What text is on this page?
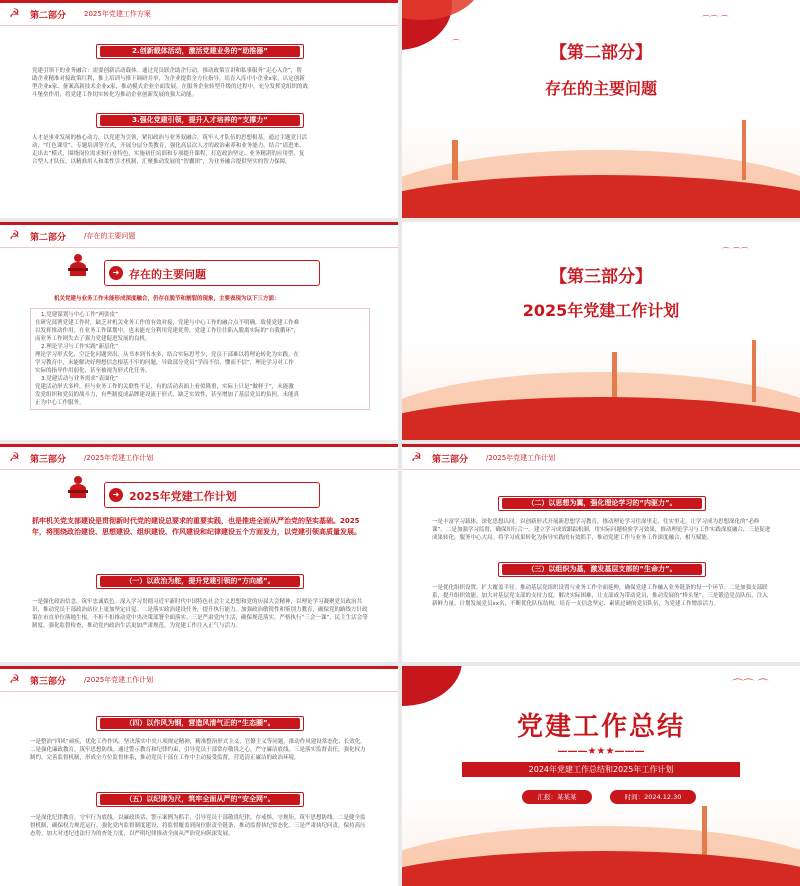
☭ 第二部分	2025年党建工作方案
2.创新载体活动，激活党建业务的“助推器”
党建引领下的业务融合：需要创新活动载体。通过党员联企助企行动，推动政策宣讲和私事服务“走心入企”，帮
助企业精准对接政策红利，推上培训与推下调研并举，为企业提供全方位指导，培育入库中小企业x家，认定创新
型企业x家、备案高新技术企业x家，推动模式企业全面发展。在服务企业转型升级的过程中，充分发挥党组织的战
斗堡垒作用，将党建工作切实转化为推动企业创新发展的强大动能。
3.强化党建引领，提升人才培养的“支撑力”
人才是事业发展的核心动力，以党建为引领，紧扣政治与业务双融合，筑牢人才队伍的思想根基。通过主题党日活
动、“红色课堂”、专题培训等方式，开展分层分类教育，强化高层次人才的政治素养和业务能力。结合“请进来、
走出去”模式，围绕岗位需求和行业特色，实施初任培训和专项提升课程，打造政治坚定、业务精湛的应用型、复
合型人才队伍。以精准用人和柔性引才机制，汇聚推动发展的“智囊团”，为业务融合提供坚实的智力保障。
⌒⌒ ⌒
⌒	【第二部分】
存在的主要问题
☭ 第二部分	/存在的主要问题
➜ 存在的主要问题
机关党建与业务工作未能形成深度融合，仍存在脱节和割裂的现象，主要表现为以下三方面：
1.党建谋划与中心工作“两张皮”
在研究部署党建工作时，缺乏对机关业务工作的有效对接，党建与中心工作的融合点不明确，致使党建工作难
以发挥推动作用。在业务工作谋划中，也未能充分利用党建优势，党建工作往往陷入脱离实际的“自我循环”，
而业务工作则失去了强力党建促进发展的良机。
2.理论学习与工作实践“新层化”
理论学习形式化、空泛化问题突出，从书本到书本多，结合实际思考少，党员干部难以将理论转化为实践。在
学习教育中，未能解决好理想信念根基不牢的问题，导致部分党员“学而不信，懂而不信”，理论学习对工作
实际的指导作用弱化，甚至被视为形式化任务。
3.党建活动与业务需求“表面化”
党建活动形式多样，但与业务工作的关联性不足，有的活动表面上看似隆重，实际上只是“做样子”，未能激
发党组织和党员的战斗力，有些制度成品牌建设流于形式，缺乏实效性，甚至增加了基层党员的负担，未能真
正为中心工作服务。
⌒ ⌒⌒
【第三部分】
2025年党建工作计划
☭ 第三部分	/2025年党建工作计划
➜ 2025年党建工作计划
抓牢机关党支部建设是贯彻新时代党的建设总要求的重要实践，也是推进全面从严治党的坚实基础。2025年，将围绕政治建设、思想建设、组织建设、作风建设和纪律建设五个方面发力，以党建引领高质量发展。
（一）以政治为舵，提升党建引领的“方向感”。
一是强化政治信念，筑牢忠诚底色。深入学习贯彻习近平新时代中国特色社会主义思想和党的历届大会精神，以理论学习凝聚党员政治共识，推动党员干部政治站位上更加坚定自觉。二是落实政治建设任务，提升执行能力。加强政治敏锐性和鉴别力教育，确保党的路线方针政策在市直单位落地生根，不折不扣推动党中央决策部署全面落实。三是严肃党内生活，确保规范落实。严格执行“三会一课”、民主生活会等制度，强化监督检查，推动党内政治生活更加严肃规范，为党建工作注入正气与活力。
☭ 第三部分	/2025年党建工作计划
（二）以思想为翼，强化理论学习的“内驱力”。
一是丰富学习载体，深化思想认同。以创新形式开展新思想学习教育，推动理论学习往深里走、往实里走，让学习成为思想深化的“必修课”。二是加强学习监督，确保知行合一。建立学习成效跟踪机制，用实际问题检验学习效果，推动理论学习与工作实践深度融合，三是促进成果转化，服务中心大局。将学习成果转化为指导实践的有效抓手，推动党建工作与业务工作深度融合、相互赋能。
（三）以组织为基，激发基层支部的“生命力”。
一是优化组织设置，扩大覆盖半径。推动基层党组织设置与业务工作全面延伸，确保党建工作融入业务链条的每一个环节。二是加强支部联系，提升组织效能。加大对基层党支部的支持力度，解决实际困难，让支部成为带动党员，推动发展的“桥头堡”。三是锻造党员队伍，注入新鲜力量。计划发展党员xx名，不断优化队伍结构，培育一支信念坚定、素质过硬的党员队伍，为党建工作增添活力。
☭ 第三部分	/2025年党建工作计划
（四）以作风为钢，营造风清气正的“生态圈”。
一是整治“四风”顽疾，优化工作作风。坚决落实中央八项规定精神，精准整治形式主义，官僚主义等问题，推动作风建设常态化，长效化。二是强化廉政教育，筑牢思想防线。通过警示教育和纪律约束，引导党员干部常存敬畏之心，严守廉洁底线。三是落实监督责任，强化权力制约。完善监督机制，形成全方位监督体系，推动党员干部在工作中主动接受监督，营造清正廉洁的政治环境。
（五）以纪律为尺，筑牢全面从严的“安全网”。
一是深化纪律教育，守牢行为底线。以廉政谈话、警示案例为抓手，引导党员干部敬畏纪律，存戒惧，守规矩，筑牢思想防线。二是健全监督机制，确保权力规范运行。强化党内监督制度建设，将监督覆盖到岗位职责全链条，推动监督执纪常态化。三是严肃执纪问责，保持高压态势。加大对违纪违法行为的查处力度，以严明纪律推动全面从严治党向纵深发展。
⌒⌒ ⌒
党建工作总结
———★★★———
2024年党建工作总结和2025年工作计划
汇报：某某某	时间：2024.12.30
